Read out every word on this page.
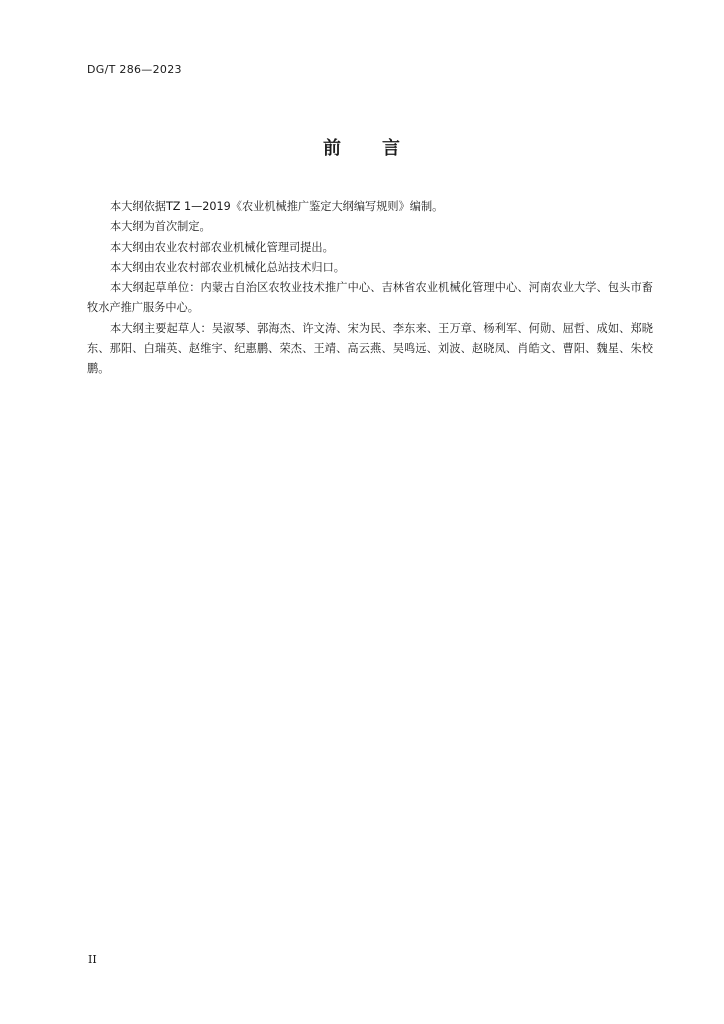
DG/T 286—2023
前 言

本大纲依据TZ 1—2019《农业机械推广鉴定大纲编写规则》编制。

本大纲为首次制定。

本大纲由农业农村部农业机械化管理司提出。

本大纲由农业农村部农业机械化总站技术归口。

本大纲起草单位：内蒙古自治区农牧业技术推广中心、吉林省农业机械化管理中心、河南农业大学、包头市畜牧水产推广服务中心。

本大纲主要起草人：吴淑琴、郭海杰、许文涛、宋为民、李东来、王万章、杨利军、何勋、屈哲、成如、郑晓东、那阳、白瑞英、赵维宇、纪惠鹏、荣杰、王靖、高云燕、吴鸣远、刘波、赵晓凤、肖皓文、曹阳、魏星、朱校鹏。

II
